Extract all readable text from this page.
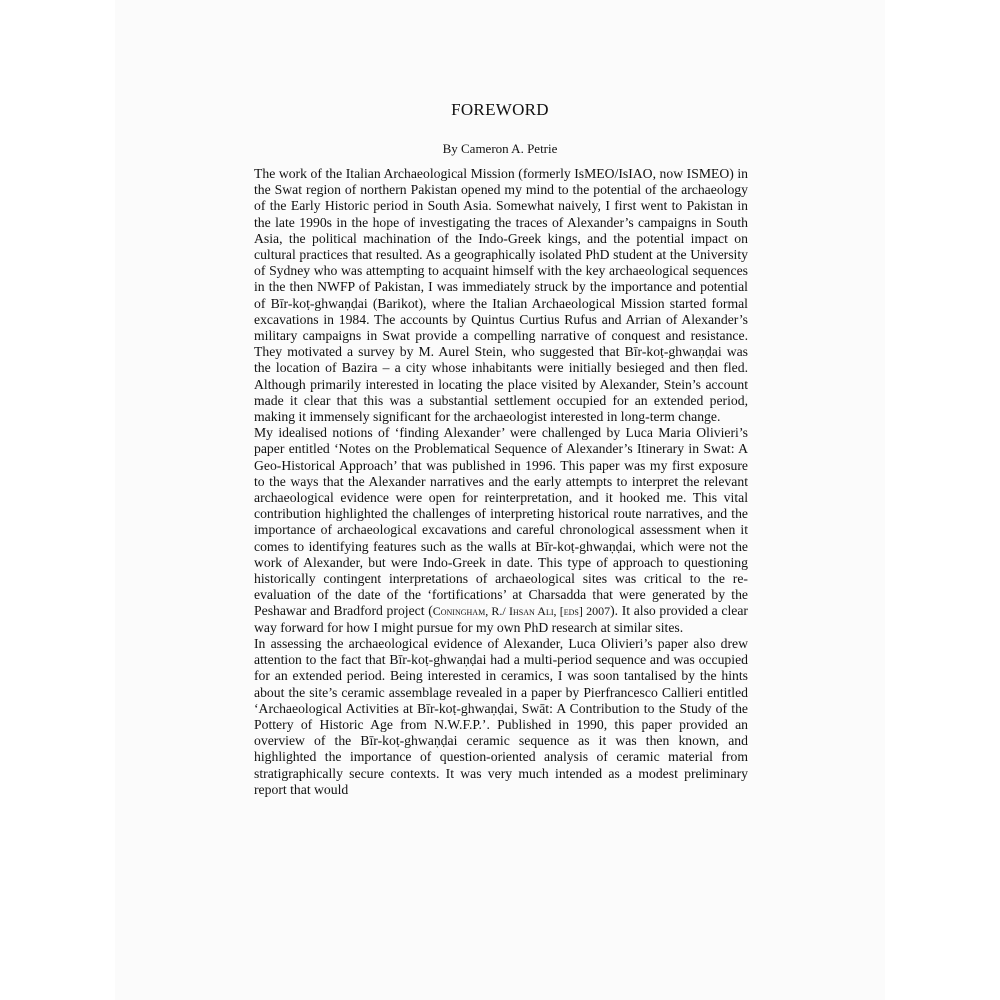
FOREWORD
By Cameron A. Petrie

The work of the Italian Archaeological Mission (formerly IsMEO/IsIAO, now ISMEO) in the Swat region of northern Pakistan opened my mind to the potential of the archaeology of the Early Historic period in South Asia. Somewhat naively, I first went to Pakistan in the late 1990s in the hope of investigating the traces of Alexander’s campaigns in South Asia, the political machination of the Indo-Greek kings, and the potential impact on cultural practices that resulted. As a geographically isolated PhD student at the University of Sydney who was attempting to acquaint himself with the key archaeological sequences in the then NWFP of Pakistan, I was immediately struck by the importance and potential of Bīr-koṭ-ghwaṇḍai (Barikot), where the Italian Archaeological Mission started formal excavations in 1984. The accounts by Quintus Curtius Rufus and Arrian of Alexander’s military campaigns in Swat provide a compelling narrative of conquest and resistance. They motivated a survey by M. Aurel Stein, who suggested that Bīr-koṭ-ghwaṇḍai was the location of Bazira – a city whose inhabitants were initially besieged and then fled. Although primarily interested in locating the place visited by Alexander, Stein’s account made it clear that this was a substantial settlement occupied for an extended period, making it immensely significant for the archaeologist interested in long-term change.

My idealised notions of ‘finding Alexander’ were challenged by Luca Maria Olivieri’s paper entitled ‘Notes on the Problematical Sequence of Alexander’s Itinerary in Swat: A Geo-Historical Approach’ that was published in 1996. This paper was my first exposure to the ways that the Alexander narratives and the early attempts to interpret the relevant archaeological evidence were open for reinterpretation, and it hooked me. This vital contribution highlighted the challenges of interpreting historical route narratives, and the importance of archaeological excavations and careful chronological assessment when it comes to identifying features such as the walls at Bīr-koṭ-ghwaṇḍai, which were not the work of Alexander, but were Indo-Greek in date. This type of approach to questioning historically contingent interpretations of archaeological sites was critical to the re-evaluation of the date of the ‘fortifications’ at Charsadda that were generated by the Peshawar and Bradford project (Coningham, R./ Ihsan Ali, [eds] 2007). It also provided a clear way forward for how I might pursue for my own PhD research at similar sites.

In assessing the archaeological evidence of Alexander, Luca Olivieri’s paper also drew attention to the fact that Bīr-koṭ-ghwaṇḍai had a multi-period sequence and was occupied for an extended period. Being interested in ceramics, I was soon tantalised by the hints about the site’s ceramic assemblage revealed in a paper by Pierfrancesco Callieri entitled ‘Archaeological Activities at Bīr-koṭ-ghwaṇḍai, Swāt: A Contribution to the Study of the Pottery of Historic Age from N.W.F.P.’. Published in 1990, this paper provided an overview of the Bīr-koṭ-ghwaṇḍai ceramic sequence as it was then known, and highlighted the importance of question-oriented analysis of ceramic material from stratigraphically secure contexts. It was very much intended as a modest preliminary report that would
